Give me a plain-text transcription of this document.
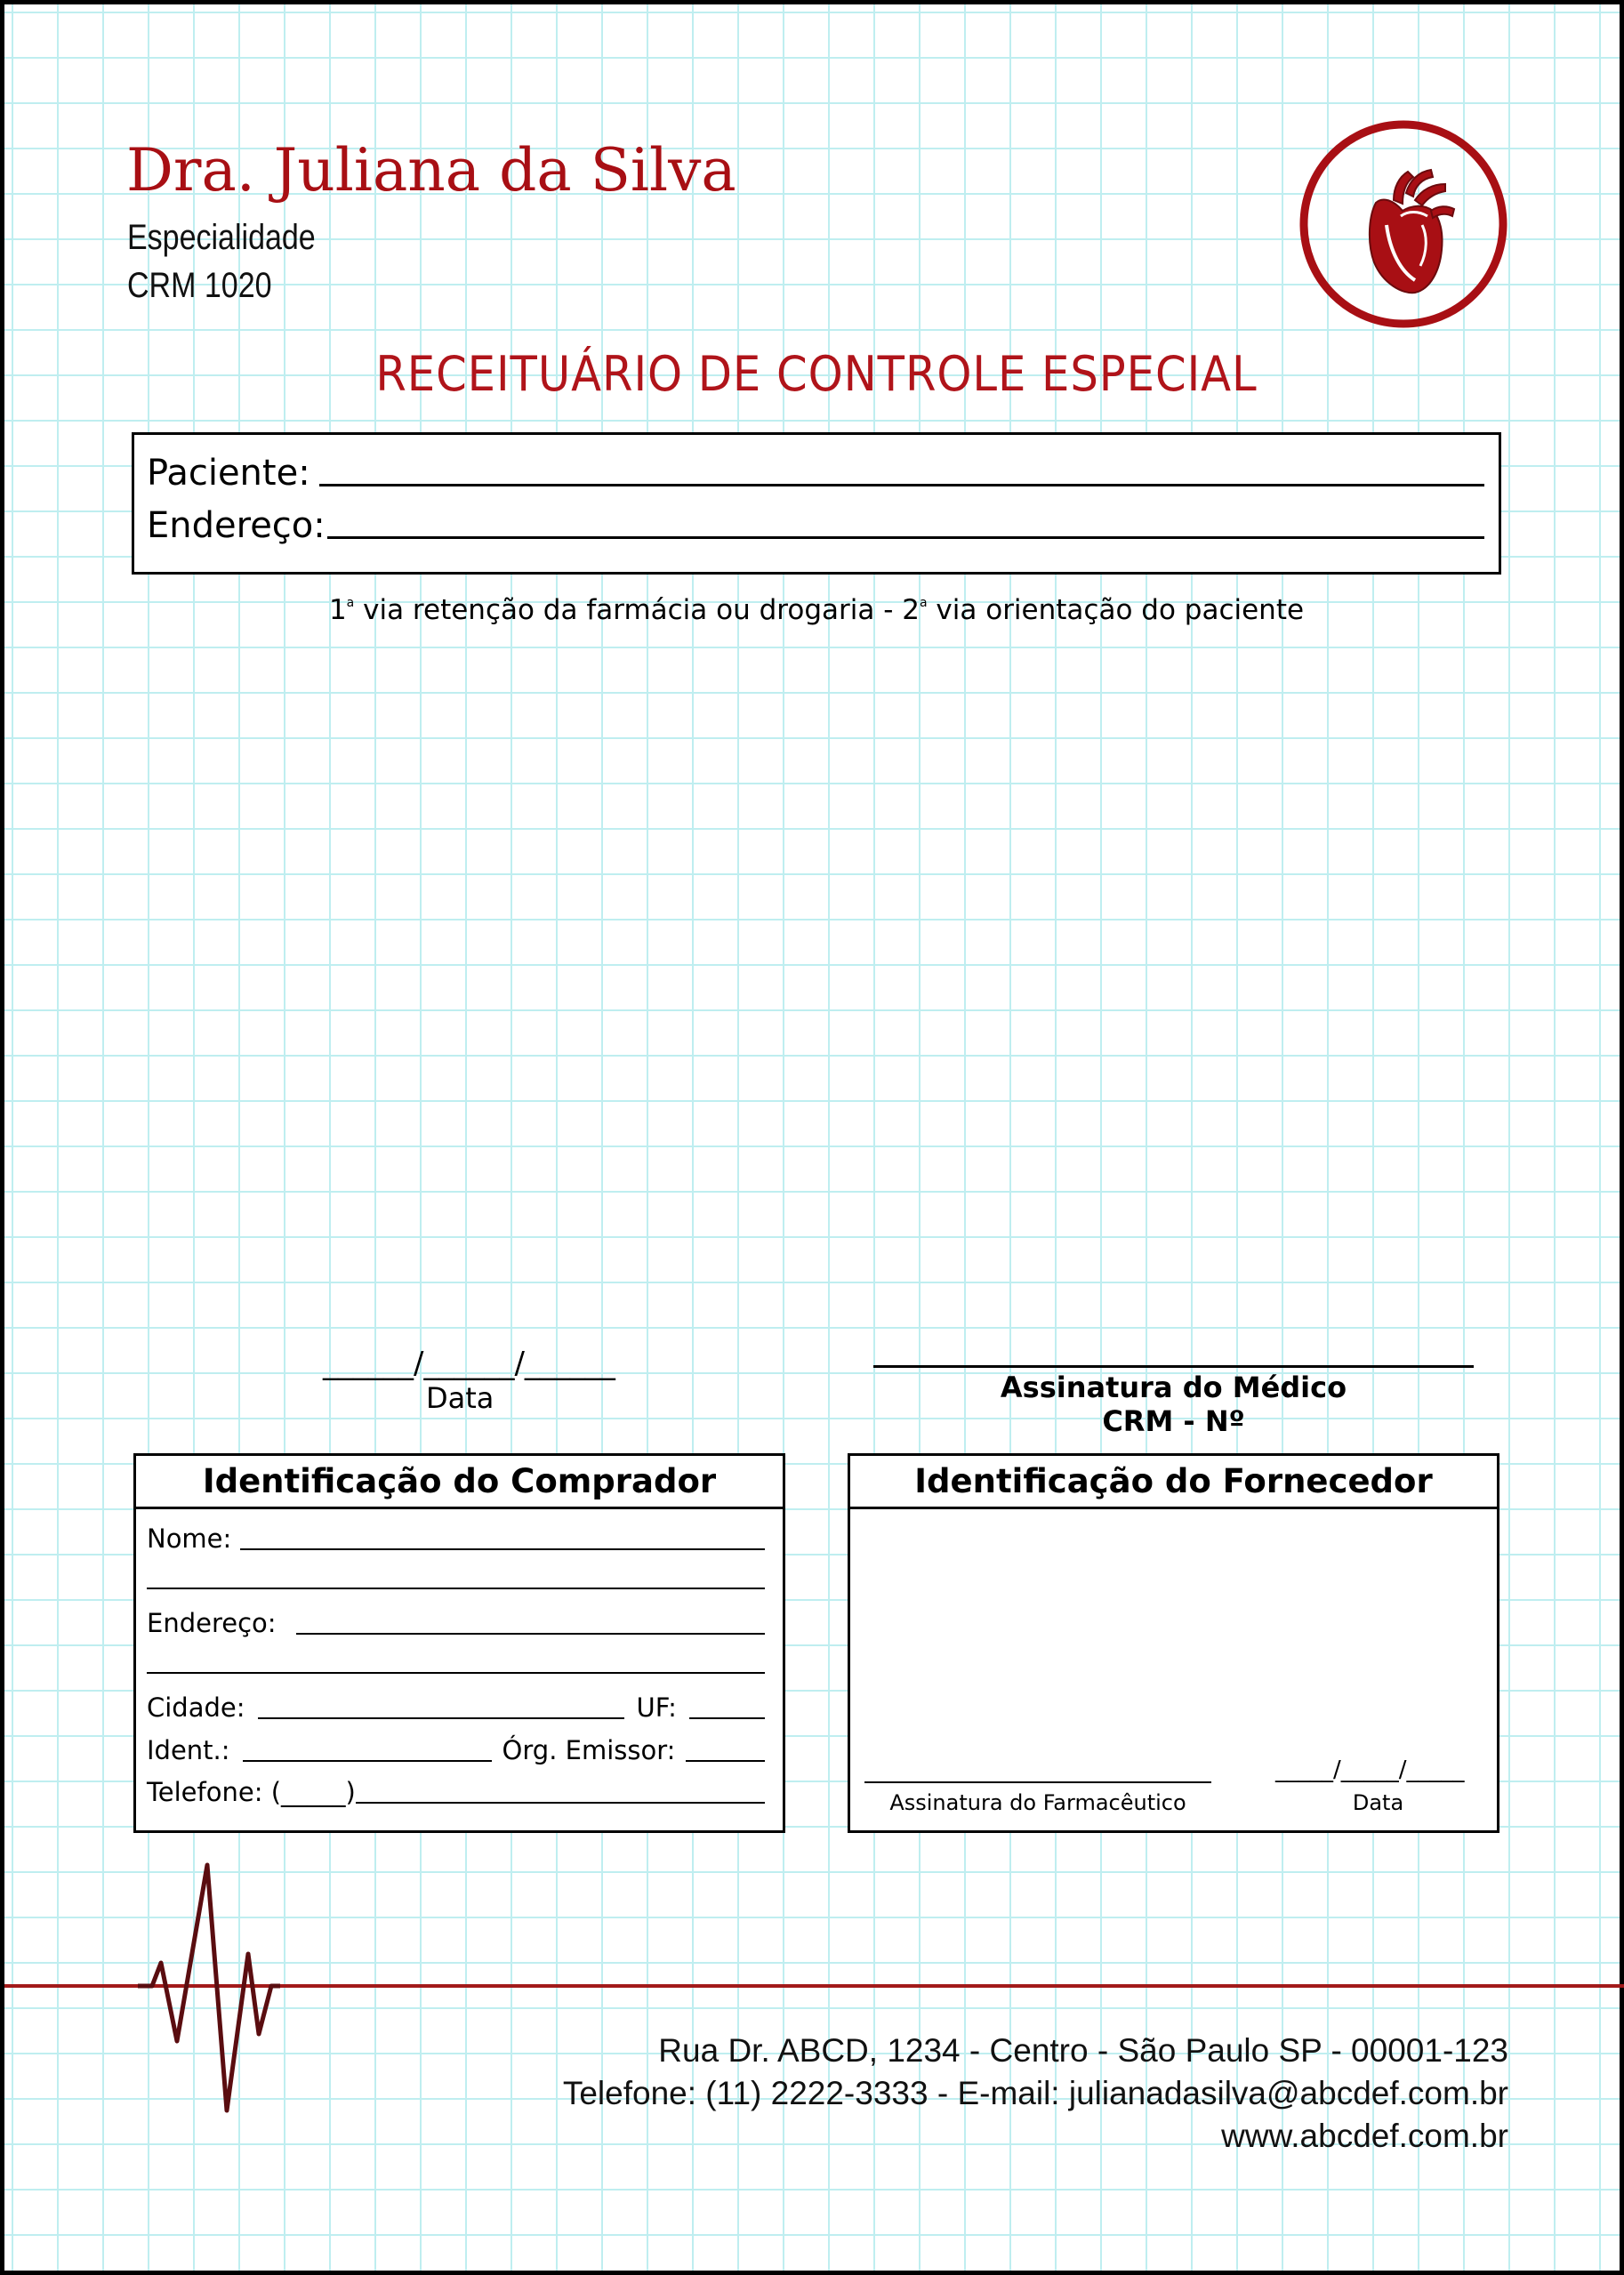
Dra. Juliana da Silva
Especialidade
CRM 1020
RECEITUÁRIO DE CONTROLE ESPECIAL
Paciente:
Endereço:
1$^a$ via retenção da farmácia ou drogaria - 2$^a$ via orientação do paciente
______/______/______
Data	Assinatura do Médico
CRM - Nº
Identificação do Comprador
Nome:
Endereço:
Cidade:	UF:
Ident.:	Órg. Emissor:
Telefone: (_____)
Identificação do Fornecedor
Assinatura do Farmacêutico
_____/_____/_____
Data
Rua Dr. ABCD, 1234 - Centro - São Paulo SP - 00001-123
Telefone: (11) 2222-3333 - E-mail: julianadasilva@abcdef.com.br
www.abcdef.com.br
